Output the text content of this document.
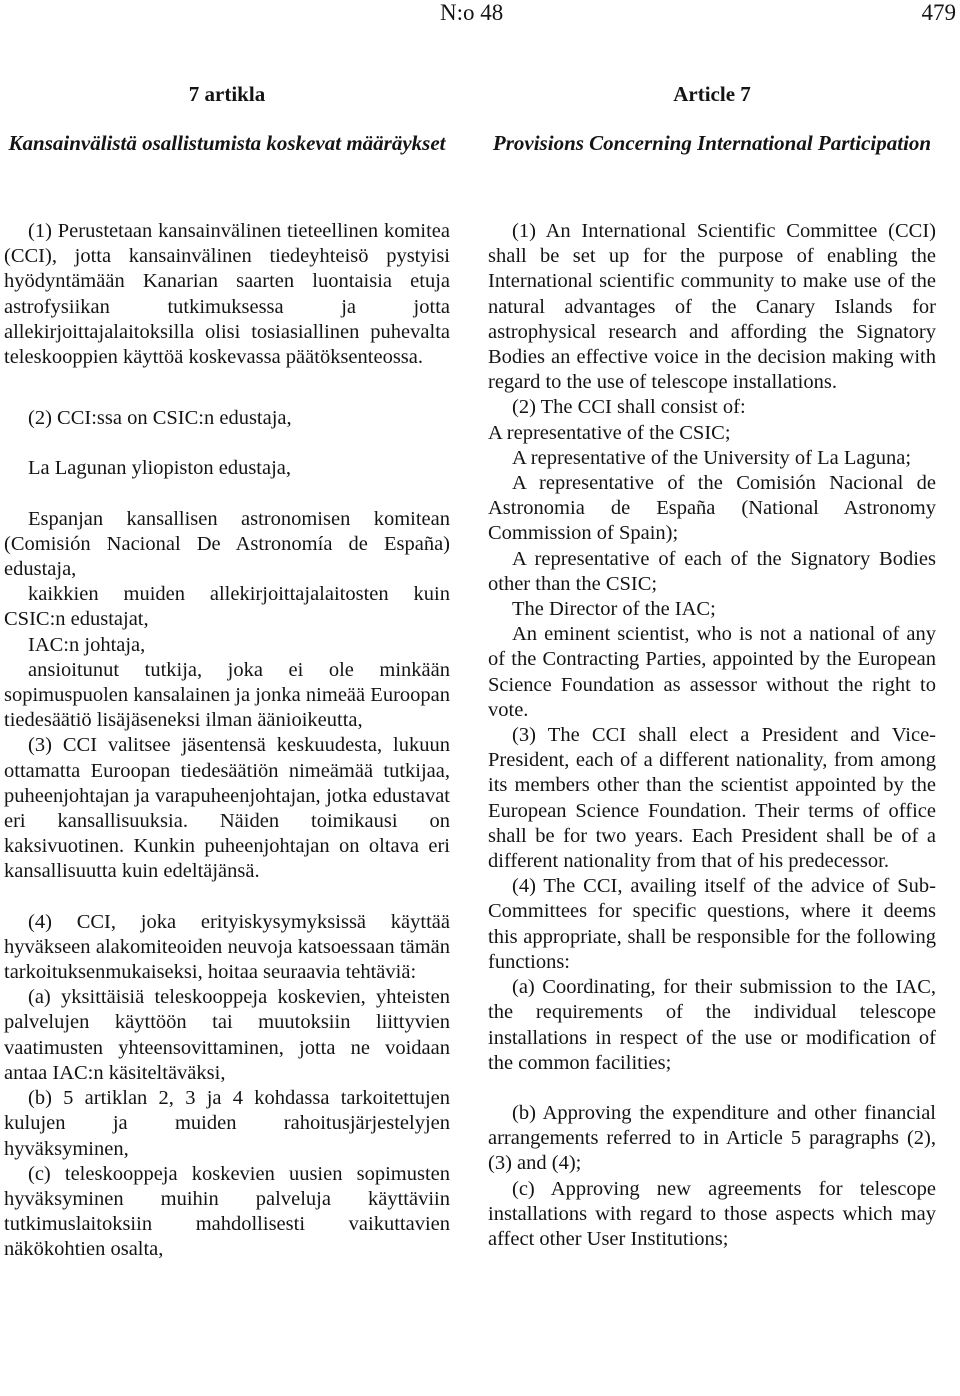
N:o 48	479
7 artikla
Kansainvälistä osallistumista koskevat määräykset

(1) Perustetaan kansainvälinen tieteellinen komitea (CCI), jotta kansainvälinen tiedeyhteisö pystyisi hyödyntämään Kanarian saarten luontaisia etuja astrofysiikan tutkimuksessa ja jotta allekirjoittajalaitoksilla olisi tosiasiallinen puhevalta teleskooppien käyttöä koskevassa päätöksenteossa.

(2) CCI:ssa on CSIC:n edustaja,

La Lagunan yliopiston edustaja,

Espanjan kansallisen astronomisen komitean (Comisión Nacional De Astronomía de España) edustaja,

kaikkien muiden allekirjoittajalaitosten kuin CSIC:n edustajat,

IAC:n johtaja,

ansioitunut tutkija, joka ei ole minkään sopimuspuolen kansalainen ja jonka nimeää Euroopan tiedesäätiö lisäjäseneksi ilman äänioikeutta,

(3) CCI valitsee jäsentensä keskuudesta, lukuun ottamatta Euroopan tiedesäätiön nimeämää tutkijaa, puheenjohtajan ja varapuheenjohtajan, jotka edustavat eri kansallisuuksia. Näiden toimikausi on kaksivuotinen. Kunkin puheenjohtajan on oltava eri kansallisuutta kuin edeltäjänsä.

(4) CCI, joka erityiskysymyksissä käyttää hyväkseen alakomiteoiden neuvoja katsoessaan tämän tarkoituksenmukaiseksi, hoitaa seuraavia tehtäviä:

(a) yksittäisiä teleskooppeja koskevien, yhteisten palvelujen käyttöön tai muutoksiin liittyvien vaatimusten yhteensovittaminen, jotta ne voidaan antaa IAC:n käsiteltäväksi,

(b) 5 artiklan 2, 3 ja 4 kohdassa tarkoitettujen kulujen ja muiden rahoitusjärjestelyjen hyväksyminen,

(c) teleskooppeja koskevien uusien sopimusten hyväksyminen muihin palveluja käyttäviin tutkimuslaitoksiin mahdollisesti vaikuttavien näkökohtien osalta,

Article 7
Provisions Concerning International Participation

(1) An International Scientific Committee (CCI) shall be set up for the purpose of enabling the International scientific community to make use of the natural advantages of the Canary Islands for astrophysical research and affording the Signatory Bodies an effective voice in the decision making with regard to the use of telescope installations.

(2) The CCI shall consist of:

A representative of the CSIC;

A representative of the University of La Laguna;

A representative of the Comisión Nacional de Astronomia de España (National Astronomy Commission of Spain);

A representative of each of the Signatory Bodies other than the CSIC;

The Director of the IAC;

An eminent scientist, who is not a national of any of the Contracting Parties, appointed by the European Science Foundation as assessor without the right to vote.

(3) The CCI shall elect a President and Vice-President, each of a different nationality, from among its members other than the scientist appointed by the European Science Foundation. Their terms of office shall be for two years. Each President shall be of a different nationality from that of his predecessor.

(4) The CCI, availing itself of the advice of Sub-Committees for specific questions, where it deems this appropriate, shall be responsible for the following functions:

(a) Coordinating, for their submission to the IAC, the requirements of the individual telescope installations in respect of the use or modification of the common facilities;

(b) Approving the expenditure and other financial arrangements referred to in Article 5 paragraphs (2), (3) and (4);

(c) Approving new agreements for telescope installations with regard to those aspects which may affect other User Institutions;
